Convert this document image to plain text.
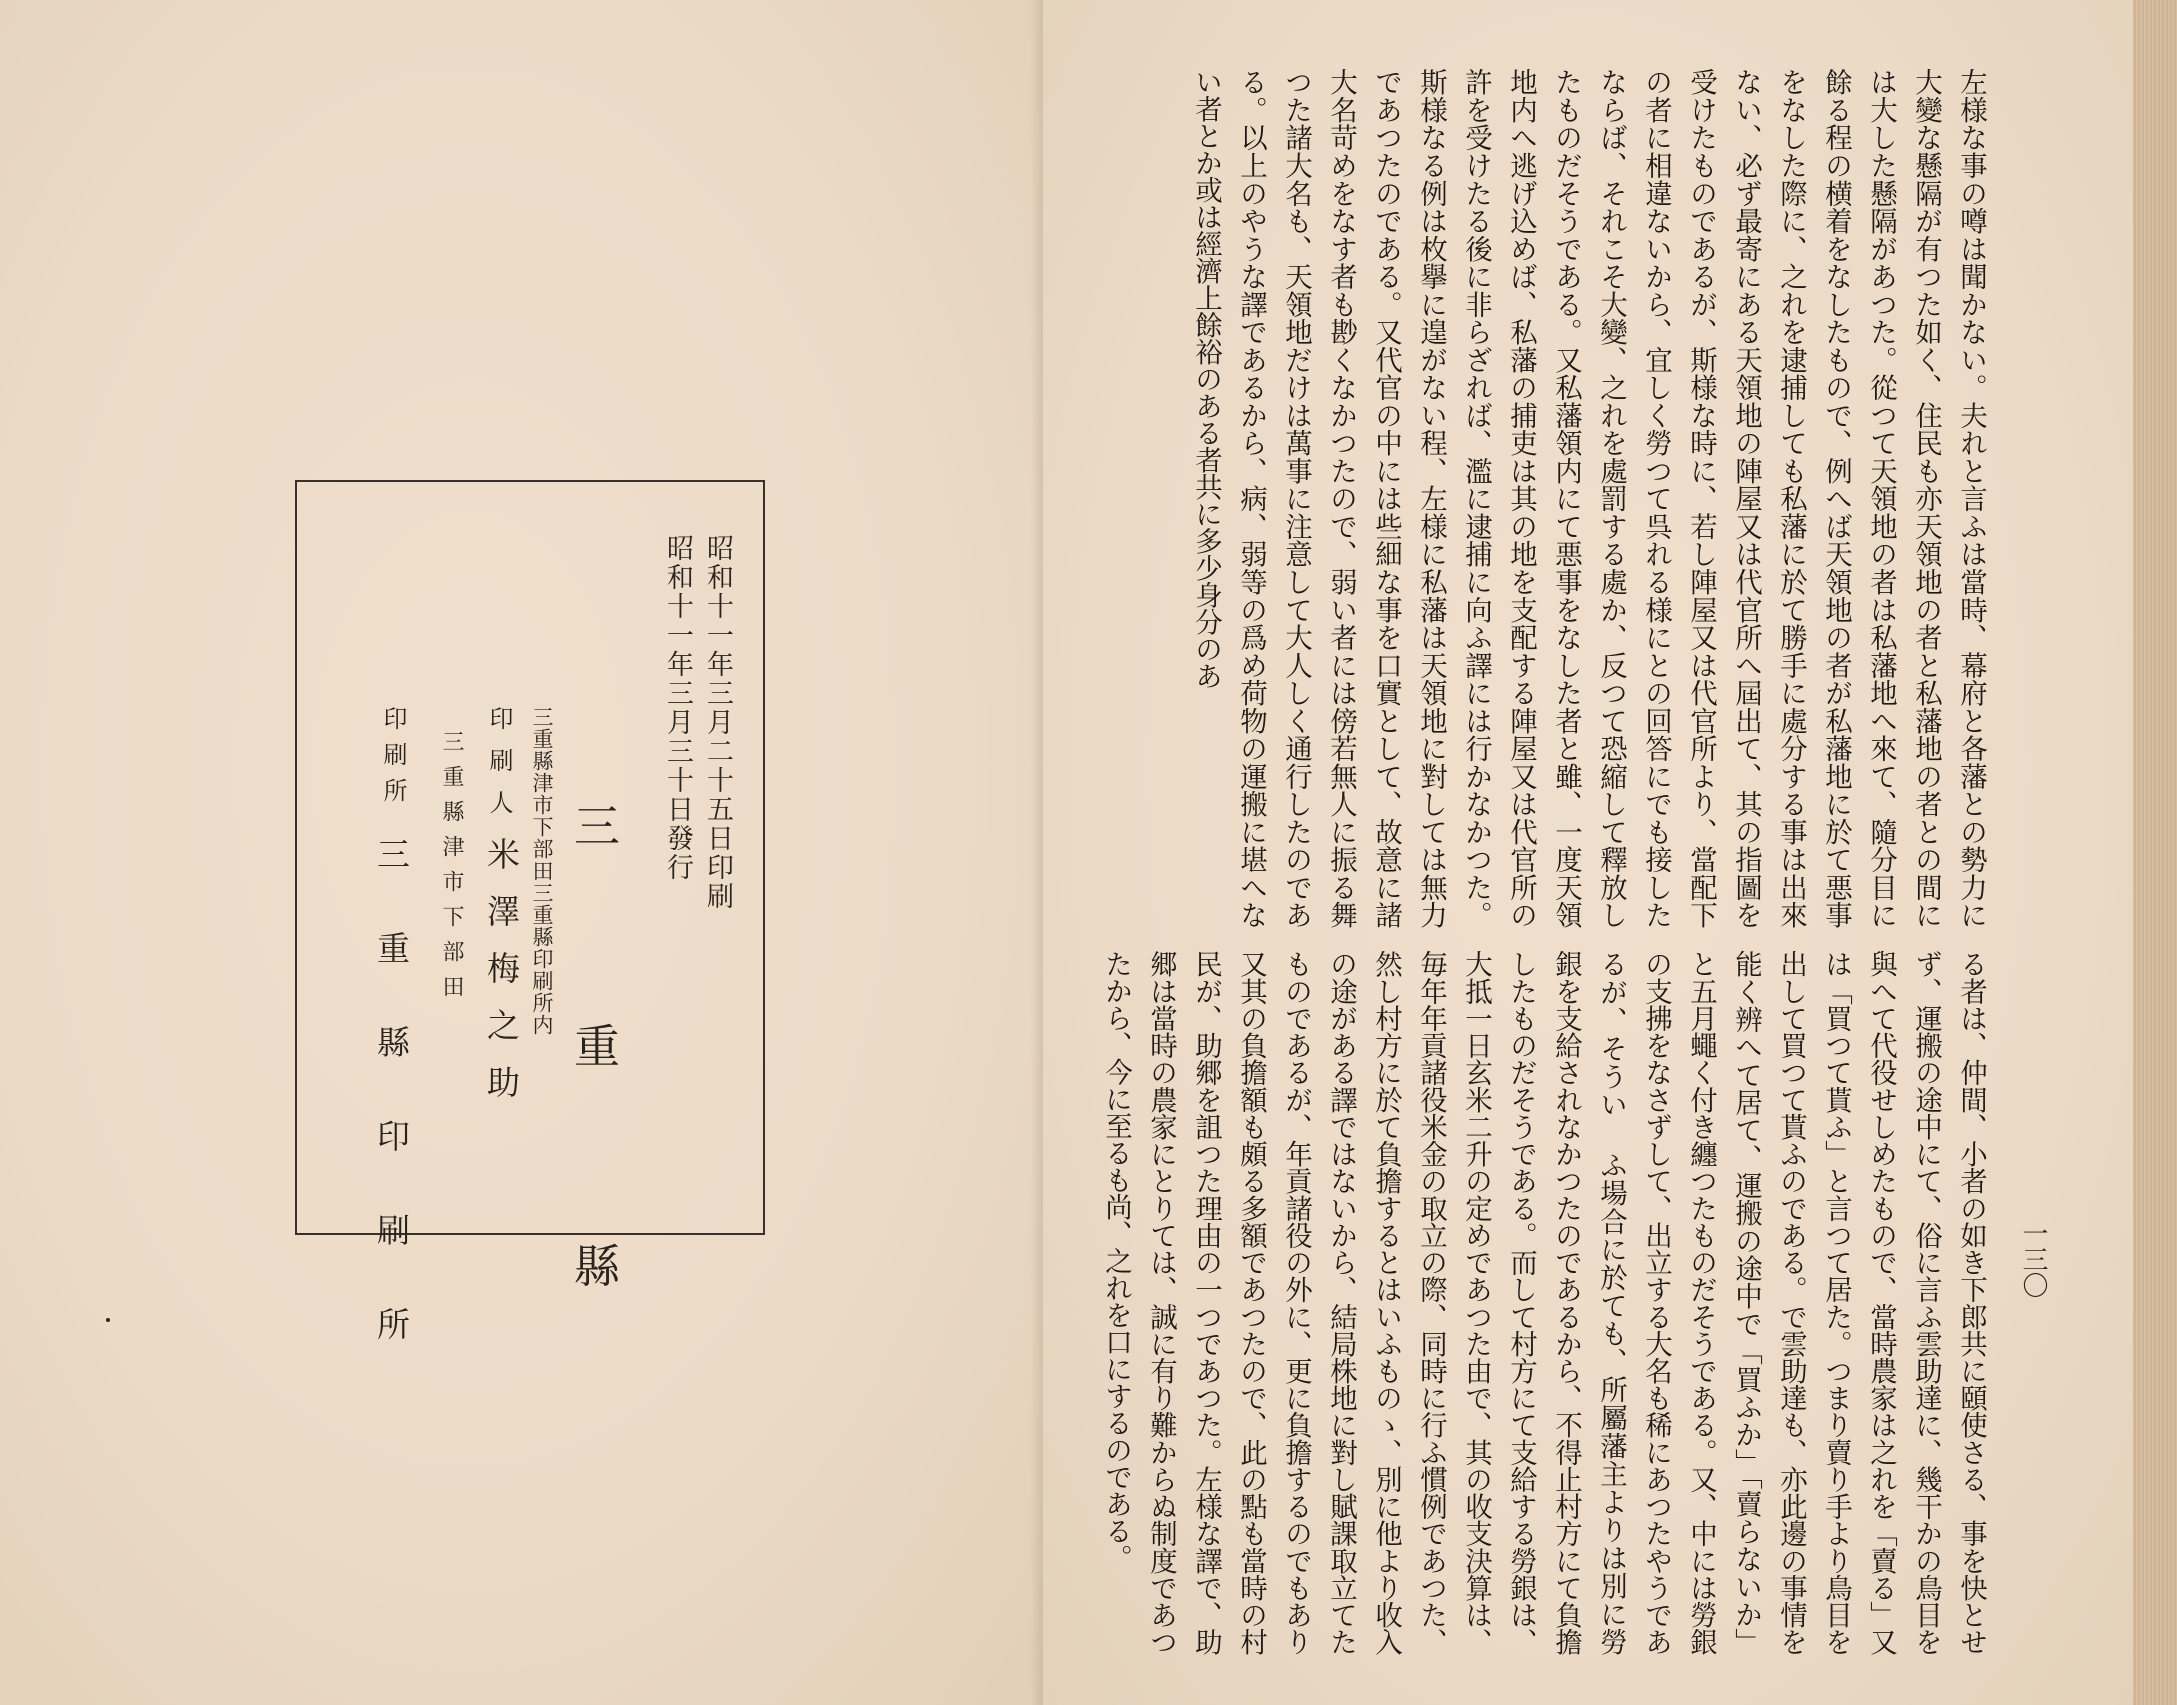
昭和十一年三月二十五日印刷
昭和十一年三月三十日發行
三　重　縣
三重縣津市下部田三重縣印刷所内
印刷人
米澤梅之助
三重縣津市下部田
印刷所
三　重　縣　印　刷　所

左様な事の噂は聞かない。夫れと言ふは當時、幕府と各藩との勢力に大變な懸隔が有つた如く、住民も亦天領地の者と私藩地の者との間には大した懸隔があつた。從つて天領地の者は私藩地へ來て、隨分目に餘る程の横着をなしたもので、例へば天領地の者が私藩地に於て悪事をなした際に、之れを逮捕しても私藩に於て勝手に處分する事は出來ない、必ず最寄にある天領地の陣屋又は代官所へ屆出て、其の指圖を受けたものであるが、斯様な時に、若し陣屋又は代官所より、當配下の者に相違ないから、宜しく勞つて呉れる様にとの回答にでも接したならば、それこそ大變、之れを處罰する處か、反つて恐縮して釋放したものだそうである。又私藩領内にて悪事をなした者と雖、一度天領地内へ逃げ込めば、私藩の捕吏は其の地を支配する陣屋又は代官所の許を受けたる後に非らざれば、濫に逮捕に向ふ譯には行かなかつた。斯様なる例は枚擧に遑がない程、左様に私藩は天領地に對しては無力であつたのである。又代官の中には些細な事を口實として、故意に諸大名苛めをなす者も尠くなかつたので、弱い者には傍若無人に振る舞つた諸大名も、天領地だけは萬事に注意して大人しく通行したのである。以上のやうな譯であるから、病、弱等の爲め荷物の運搬に堪へない者とか或は經濟上餘裕のある者共に多少身分のあ

る者は、仲間、小者の如き下郎共に頤使さる、事を快とせず、運搬の途中にて、俗に言ふ雲助達に、幾干かの鳥目を與へて代役せしめたもので、當時農家は之れを「賣る」又は「買つて貰ふ」と言つて居た。つまり賣り手より鳥目を出して買つて貰ふのである。で雲助達も、亦此邊の事情を能く辨へて居て、運搬の途中で「買ふか」「賣らないか」と五月蠅く付き纏つたものだそうである。又、中には勞銀の支拂をなさずして、出立する大名も稀にあつたやうであるが、そうい ふ場合に於ても、所屬藩主よりは別に勞銀を支給されなかつたのであるから、不得止村方にて負擔したものだそうである。而して村方にて支給する勞銀は、大抵一日玄米二升の定めであつた由で、其の收支決算は、毎年年貢諸役米金の取立の際、同時に行ふ慣例であつた、然し村方に於て負擔するとはいふものゝ、別に他より收入の途がある譯ではないから、結局株地に對し賦課取立てたものであるが、年貢諸役の外に、更に負擔するのでもあり又其の負擔額も頗る多額であつたので、此の點も當時の村民が、助郷を詛つた理由の一つであつた。左様な譯で、助郷は當時の農家にとりては、誠に有り難からぬ制度であつたから、今に至るも尚、之れを口にするのである。	一三〇
